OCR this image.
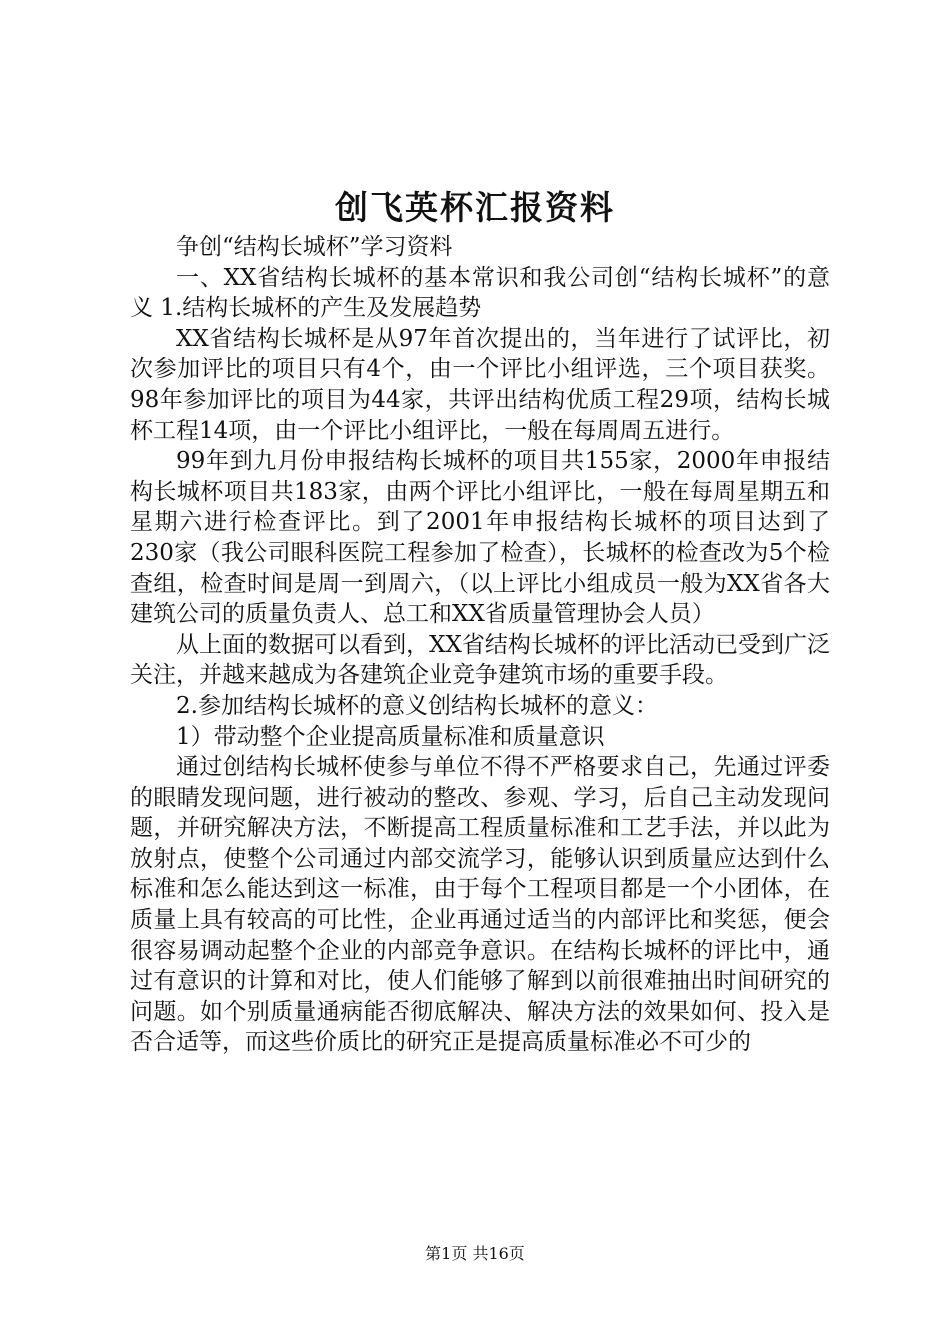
创飞英杯汇报资料

争创“结构长城杯”学习资料

一、XX省结构长城杯的基本常识和我公司创“结构长城杯”的意义 1.结构长城杯的产生及发展趋势

XX省结构长城杯是从97年首次提出的，当年进行了试评比，初次参加评比的项目只有4个，由一个评比小组评选，三个项目获奖。98年参加评比的项目为44家，共评出结构优质工程29项，结构长城杯工程14项，由一个评比小组评比，一般在每周周五进行。

99年到九月份申报结构长城杯的项目共155家，2000年申报结构长城杯项目共183家，由两个评比小组评比，一般在每周星期五和星期六进行检查评比。到了2001年申报结构长城杯的项目达到了230家（我公司眼科医院工程参加了检查），长城杯的检查改为5个检查组，检查时间是周一到周六，（以上评比小组成员一般为XX省各大建筑公司的质量负责人、总工和XX省质量管理协会人员）

从上面的数据可以看到，XX省结构长城杯的评比活动已受到广泛关注，并越来越成为各建筑企业竞争建筑市场的重要手段。

2.参加结构长城杯的意义创结构长城杯的意义：

1）带动整个企业提高质量标准和质量意识

通过创结构长城杯使参与单位不得不严格要求自己，先通过评委的眼睛发现问题，进行被动的整改、参观、学习，后自己主动发现问题，并研究解决方法，不断提高工程质量标准和工艺手法，并以此为放射点，使整个公司通过内部交流学习，能够认识到质量应达到什么标准和怎么能达到这一标准，由于每个工程项目都是一个小团体，在质量上具有较高的可比性，企业再通过适当的内部评比和奖惩，便会很容易调动起整个企业的内部竞争意识。在结构长城杯的评比中，通过有意识的计算和对比，使人们能够了解到以前很难抽出时间研究的问题。如个别质量通病能否彻底解决、解决方法的效果如何、投入是否合适等，而这些价质比的研究正是提高质量标准必不可少的

第1页 共16页
